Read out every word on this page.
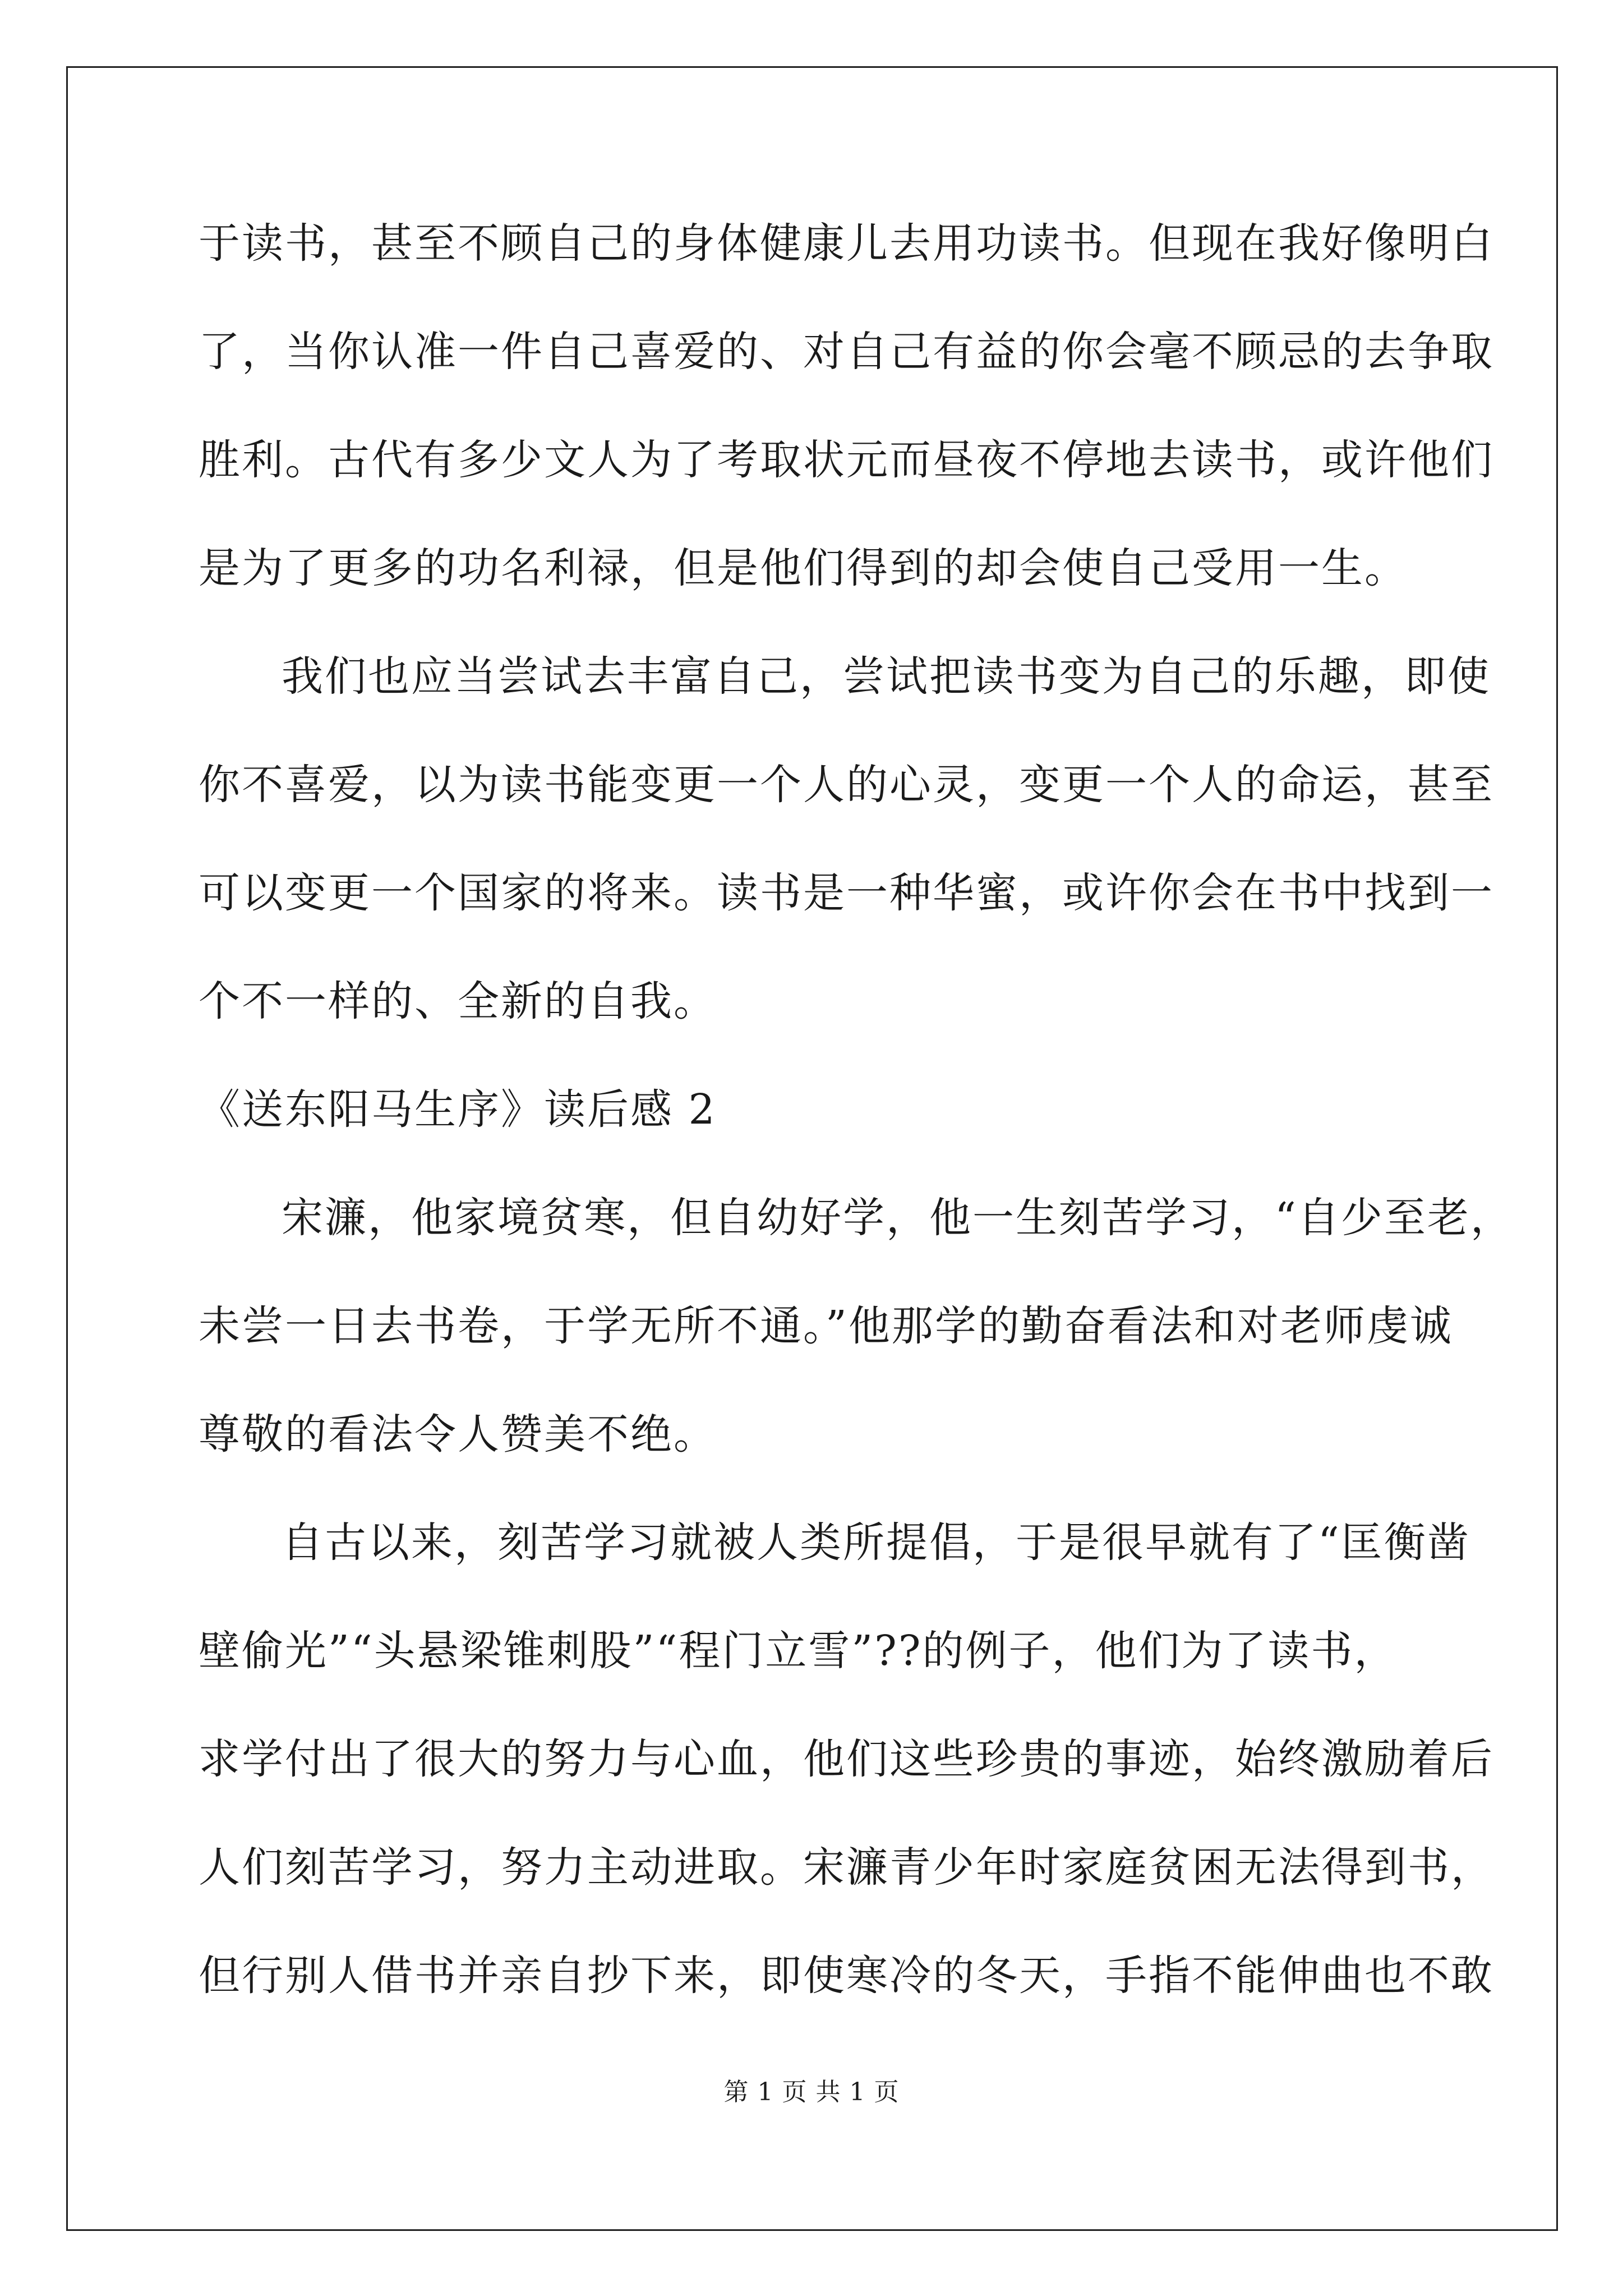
于读书，甚至不顾自己的身体健康儿去用功读书。但现在我好像明白
了，当你认准一件自己喜爱的、对自己有益的你会毫不顾忌的去争取
胜利。古代有多少文人为了考取状元而昼夜不停地去读书，或许他们
是为了更多的功名利禄，但是他们得到的却会使自己受用一生。
我们也应当尝试去丰富自己，尝试把读书变为自己的乐趣，即使
你不喜爱，以为读书能变更一个人的心灵，变更一个人的命运，甚至
可以变更一个国家的将来。读书是一种华蜜，或许你会在书中找到一
个不一样的、全新的自我。
《送东阳马生序》读后感 2
宋濂，他家境贫寒，但自幼好学，他一生刻苦学习，“自少至老，
未尝一日去书卷，于学无所不通。”他那学的勤奋看法和对老师虔诚
尊敬的看法令人赞美不绝。
自古以来，刻苦学习就被人类所提倡，于是很早就有了“匡衡凿
壁偷光”“头悬梁锥刺股”“程门立雪”??的例子，他们为了读书，
求学付出了很大的努力与心血，他们这些珍贵的事迹，始终激励着后
人们刻苦学习，努力主动进取。宋濂青少年时家庭贫困无法得到书，
但行别人借书并亲自抄下来，即使寒冷的冬天，手指不能伸曲也不敢
第 1 页 共 1 页
